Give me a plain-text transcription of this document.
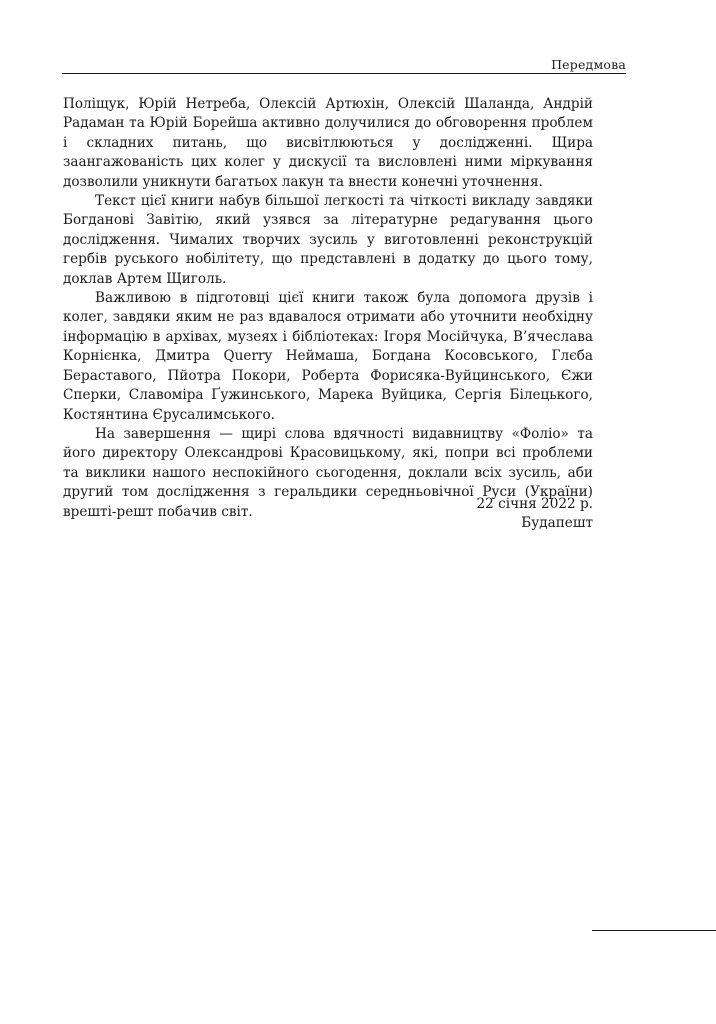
Передмова

Поліщук, Юрій Нетреба, Олексій Артюхін, Олексій Шаланда, Андрій Радаман та Юрій Борейша активно долучилися до обговорення проблем і складних питань, що висвітлюються у дослідженні. Щира заангажованість цих колег у дискусії та висловлені ними міркування дозволили уникнути багатьох лакун та внести конечні уточнення.

Текст цієї книги набув більшої легкості та чіткості викладу завдяки Богданові Завітію, який узявся за літературне редагування цього дослідження. Чималих творчих зусиль у виготовленні реконструкцій гербів руського нобілітету, що представлені в додатку до цього тому, доклав Артем Щиголь.

Важливою в підготовці цієї книги також була допомога друзів і колег, завдяки яким не раз вдавалося отримати або уточнити необхідну інформацію в архівах, музеях і бібліотеках: Ігоря Мосійчука, В’ячеслава Корнієнка, Дмитра Querry Неймаша, Богдана Косовського, Глєба Берaставого, Пйотра Покори, Роберта Форисяка-Вуйцинського, Єжи Сперки, Славоміра Ґужинського, Марека Вуйцика, Сергія Білецького, Костянтина Єрусалимського.

На завершення — щирі слова вдячності видавництву «Фоліо» та його директору Олександрові Красовицькому, які, попри всі проблеми та виклики нашого неспокійного сьогодення, доклали всіх зусиль, аби другий том дослідження з геральдики середньовічної Руси (України) врешті-решт побачив світ.	22 січня 2022 р.
Будапешт
